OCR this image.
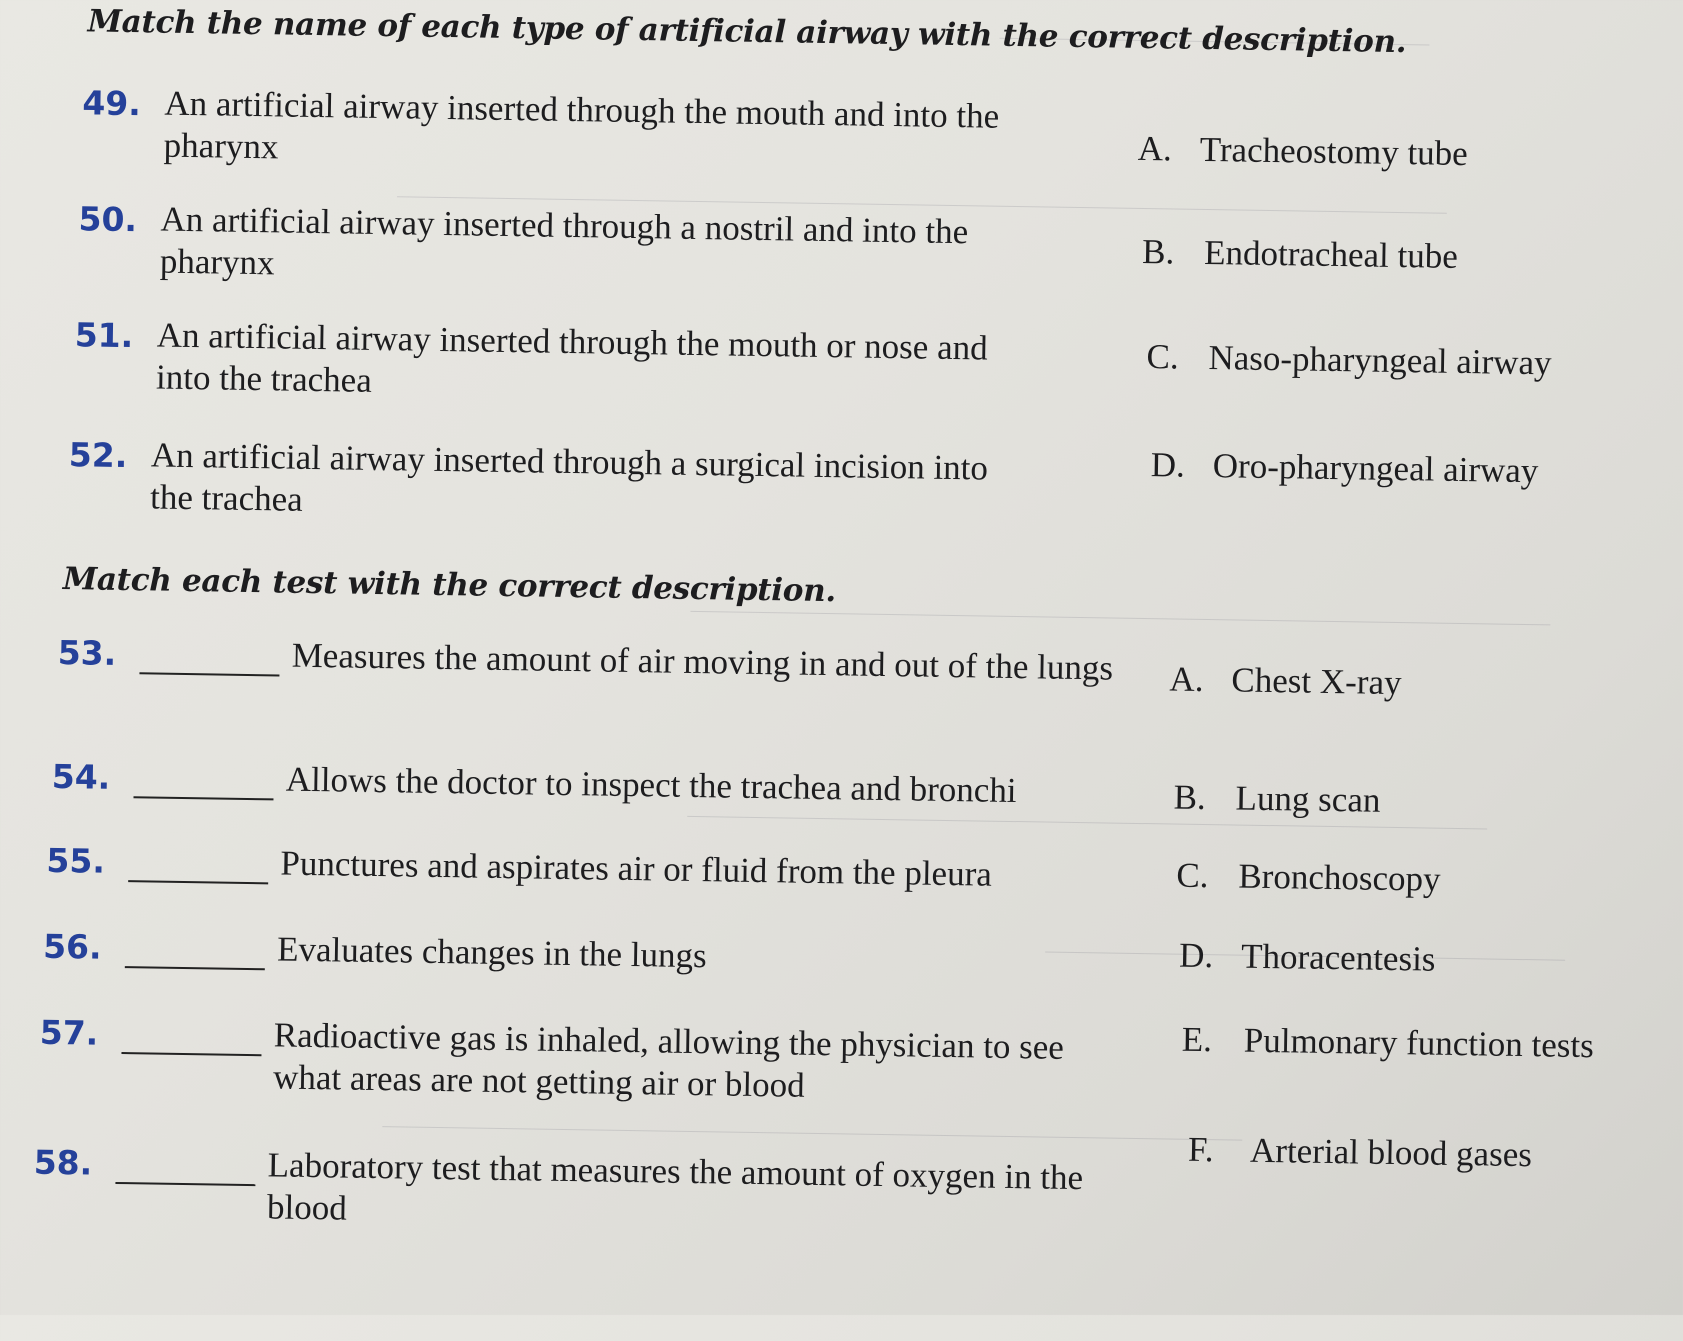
Match the name of each type of artificial airway with the correct description.
49. An artificial airway inserted through the mouth and into the pharynx
50. An artificial airway inserted through a nostril and into the pharynx
51. An artificial airway inserted through the mouth or nose and into the trachea
52. An artificial airway inserted through a surgical incision into the trachea
A. Tracheostomy tube
B. Endotracheal tube
C. Naso-pharyngeal airway
D. Oro-pharyngeal airway
Match each test with the correct description.
53.	Measures the amount of air moving in and out of the lungs
54.	Allows the doctor to inspect the trachea and bronchi
55.	Punctures and aspirates air or fluid from the pleura
56.	Evaluates changes in the lungs
57.	Radioactive gas is inhaled, allowing the physician to see what areas are not getting air or blood
58.	Laboratory test that measures the amount of oxygen in the blood
A. Chest X-ray
B. Lung scan
C. Bronchoscopy
D. Thoracentesis
E. Pulmonary function tests
F.	Arterial blood gases
